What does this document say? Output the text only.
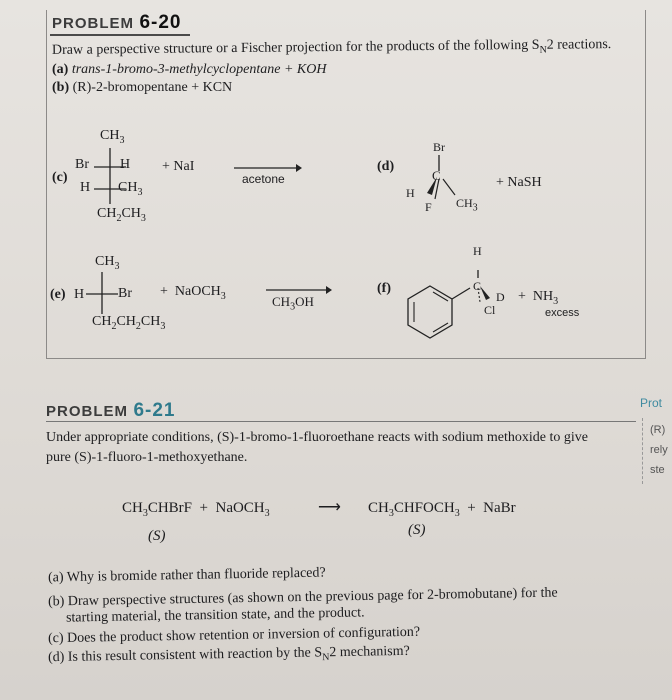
PROBLEM 6-20
Draw a perspective structure or a Fischer projection for the products of the following $S_N2$ reactions.
(a) trans-1-bromo-3-methylcyclopentane + KOH
(b) (R)-2-bromopentane + KCN
(c)
$CH_3$
Br H
H $CH_3$
$CH_2CH_3$
+ NaI
acetone
(d)
Br
C
H
F $CH_3$
+ NaSH
$CH_3$
(e) H Br
$CH_2CH_2CH_3$
+  NaOCH$_3$	$CH_3OH$
(f)
H
C
D
Cl
+  $NH_3$
excess
PROBLEM 6-21
Under appropriate conditions, (S)-1-bromo-1-fluoroethane reacts with sodium methoxide to give
pure (S)-1-fluoro-1-methoxyethane.
$CH_3CHBrF$  +  NaOCH$_3$	⟶ $CH_3CHFOCH_3$  +  NaBr
(S)	(S)
(a) Why is bromide rather than fluoride replaced?
(b) Draw perspective structures (as shown on the previous page for 2-bromobutane) for the
starting material, the transition state, and the product.
(c) Does the product show retention or inversion of configuration?
(d) Is this result consistent with reaction by the $S_N2$ mechanism?
Prot
(R)
rely
ste
